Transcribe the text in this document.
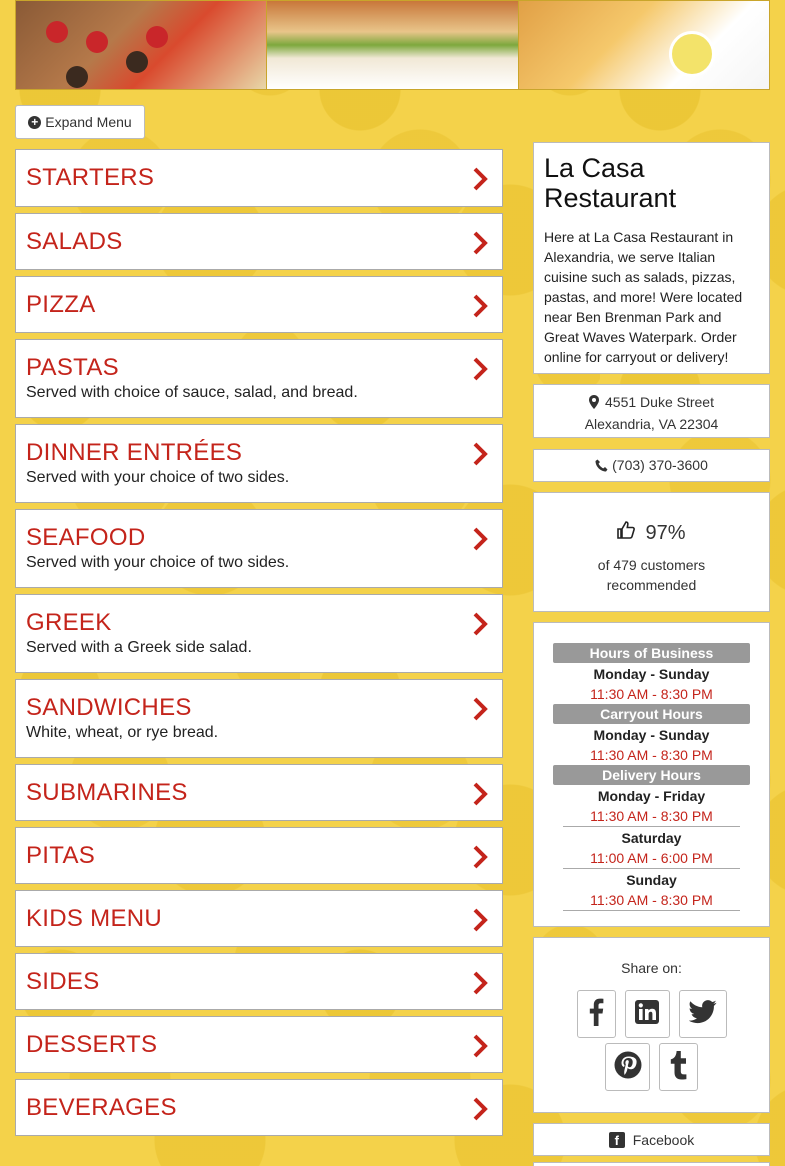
+ Expand Menu
STARTERS
SALADS
PIZZA
PASTAS
Served with choice of sauce, salad, and bread.
DINNER ENTRÉES
Served with your choice of two sides.
SEAFOOD
Served with your choice of two sides.
GREEK
Served with a Greek side salad.
SANDWICHES
White, wheat, or rye bread.
SUBMARINES
PITAS
KIDS MENU
SIDES
DESSERTS
BEVERAGES
La Casa Restaurant

Here at La Casa Restaurant in Alexandria, we serve Italian cuisine such as salads, pizzas, pastas, and more! Were located near Ben Brenman Park and Great Waves Waterpark. Order online for carryout or delivery!

4551 Duke Street
Alexandria, VA 22304
(703) 370-3600
97%
of 479 customers
recommended
Hours of Business
Monday - Sunday
11:30 AM - 8:30 PM
Carryout Hours
Monday - Sunday
11:30 AM - 8:30 PM
Delivery Hours
Monday - Friday
11:30 AM - 8:30 PM
Saturday
11:00 AM - 6:00 PM
Sunday
11:30 AM - 8:30 PM
Share on:
f Facebook
